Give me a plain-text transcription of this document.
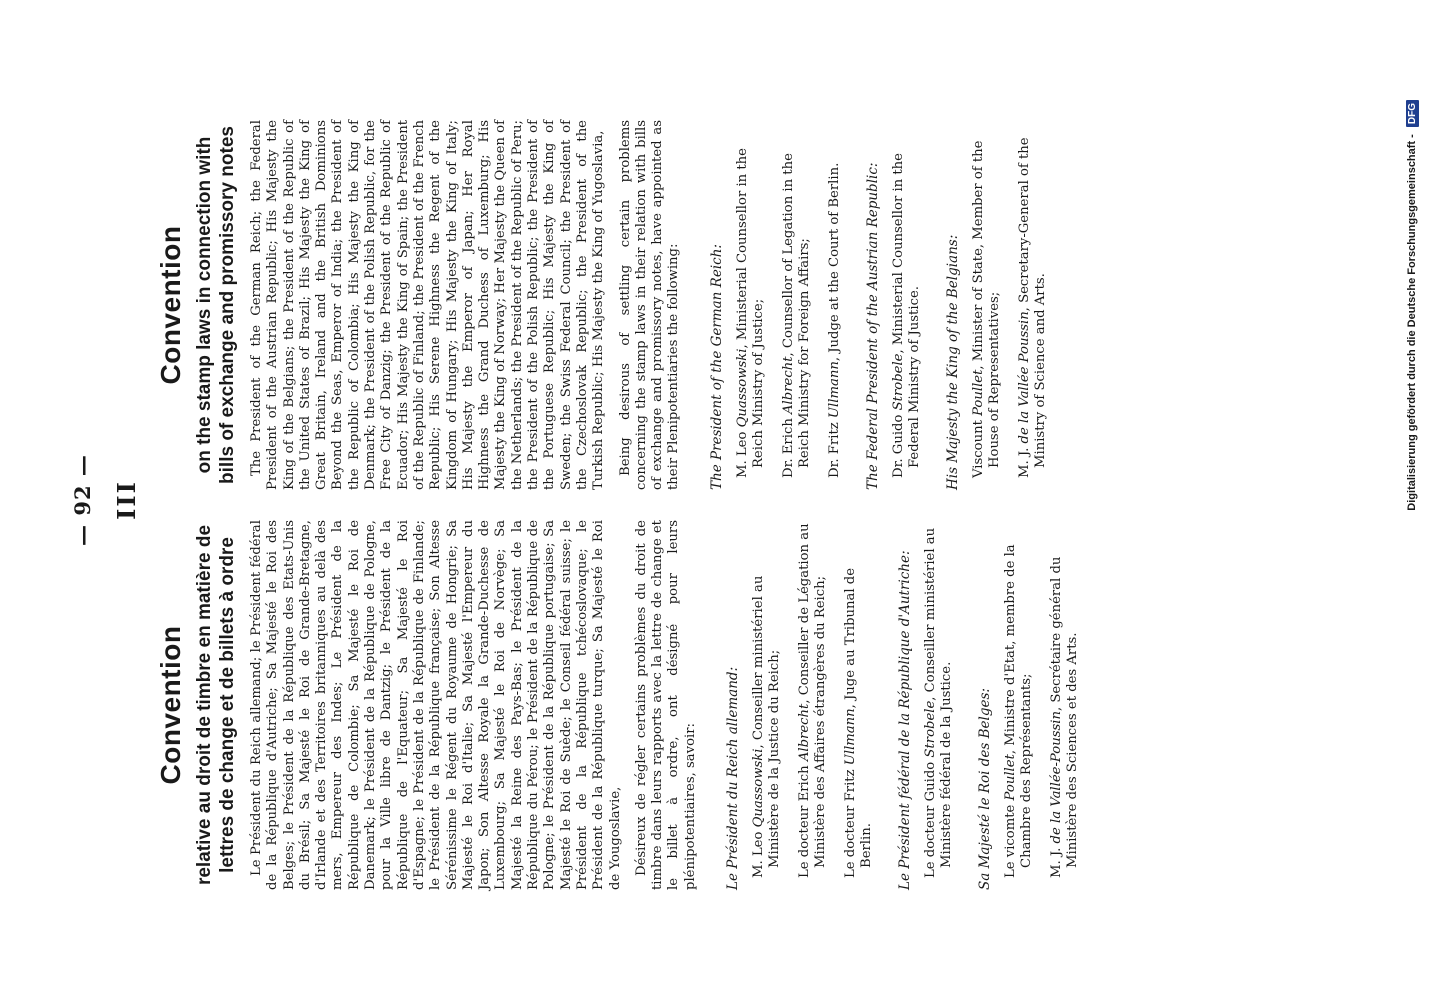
— 92 — III
Convention relative au droit de timbre en matière de lettres de change et de billets à ordre Le Président du Reich allemand; le Président fédéral de la République d'Autriche; Sa Majesté le Roi des Belges; le Président de la République des Etats-Unis du Brésil; Sa Majesté le Roi de Grande-Bretagne, d'Irlande et des Territoires britanniques au delà des mers, Empereur des Indes; Le Président de la République de Colombie; Sa Majesté le Roi de Danemark; le Président de la République de Pologne, pour la Ville libre de Dantzig; le Président de la République de l'Equateur; Sa Majesté le Roi d'Espagne; le Président de la République de Finlande; le Président de la République française; Son Altesse Sérénissime le Régent du Royaume de Hongrie; Sa Majesté le Roi d'Italie; Sa Majesté l'Empereur du Japon; Son Altesse Royale la Grande-Duchesse de Luxembourg; Sa Majesté le Roi de Norvège; Sa Majesté la Reine des Pays-Bas; le Président de la République du Pérou; le Président de la République de Pologne; le Président de la République portugaise; Sa Majesté le Roi de Suède; le Conseil fédéral suisse; le Président de la République tchécoslovaque; le Président de la République turque; Sa Majesté le Roi de Yougoslavie, Désireux de régler certains problèmes du droit de timbre dans leurs rapports avec la lettre de change et le billet à ordre, ont désigné pour leurs plénipotentiaires, savoir: Le Président du Reich allemand: M. Leo Quassowski, Conseiller ministériel au Ministère de la Justice du Reich; Le docteur Erich Albrecht, Conseiller de Légation au Ministère des Affaires étrangères du Reich; Le docteur Fritz Ullmann, Juge au Tribunal de Berlin. Le Président fédéral de la République d'Autriche: Le docteur Guido Strobele, Conseiller ministériel au Ministère fédéral de la Justice. Sa Majesté le Roi des Belges: Le vicomte Poullet, Ministre d'Etat, membre de la Chambre des Représentants; M. J. de la Vallée-Poussin, Secrétaire général du Ministère des Sciences et des Arts.
Convention on the stamp laws in connection with bills of exchange and promissory notes The President of the German Reich; the Federal President of the Austrian Republic; His Majesty the King of the Belgians; the President of the Republic of the United States of Brazil; His Majesty the King of Great Britain, Ireland and the British Dominions Beyond the Seas, Emperor of India; the President of the Republic of Colombia; His Majesty the King of Denmark; the President of the Polish Republic, for the Free City of Danzig; the President of the Republic of Ecuador; His Majesty the King of Spain; the President of the Republic of Finland; the President of the French Republic; His Serene Highness the Regent of the Kingdom of Hungary; His Majesty the King of Italy; His Majesty the Emperor of Japan; Her Royal Highness the Grand Duchess of Luxemburg; His Majesty the King of Norway; Her Majesty the Queen of the Netherlands; the President of the Republic of Peru; the President of the Polish Republic; the President of the Portuguese Republic; His Majesty the King of Sweden; the Swiss Federal Council; the President of the Czechoslovak Republic; the President of the Turkish Republic; His Majesty the King of Yugoslavia, Being desirous of settling certain problems concerning the stamp laws in their relation with bills of exchange and promissory notes, have appointed as their Plenipotentiaries the following: The President of the German Reich: M. Leo Quassowski, Ministerial Counsellor in the Reich Ministry of Justice; Dr. Erich Albrecht, Counsellor of Legation in the Reich Ministry for Foreign Affairs; Dr. Fritz Ullmann, Judge at the Court of Berlin. The Federal President of the Austrian Republic: Dr. Guido Strobele, Ministerial Counsellor in the Federal Ministry of Justice. His Majesty the King of the Belgians: Viscount Poullet, Minister of State, Member of the House of Representatives; M. J. de la Vallée Poussin, Secretary-General of the Ministry of Science and Arts.	Digitalisierung gefördert durch die Deutsche Forschungsgemeinschaft - DFG
